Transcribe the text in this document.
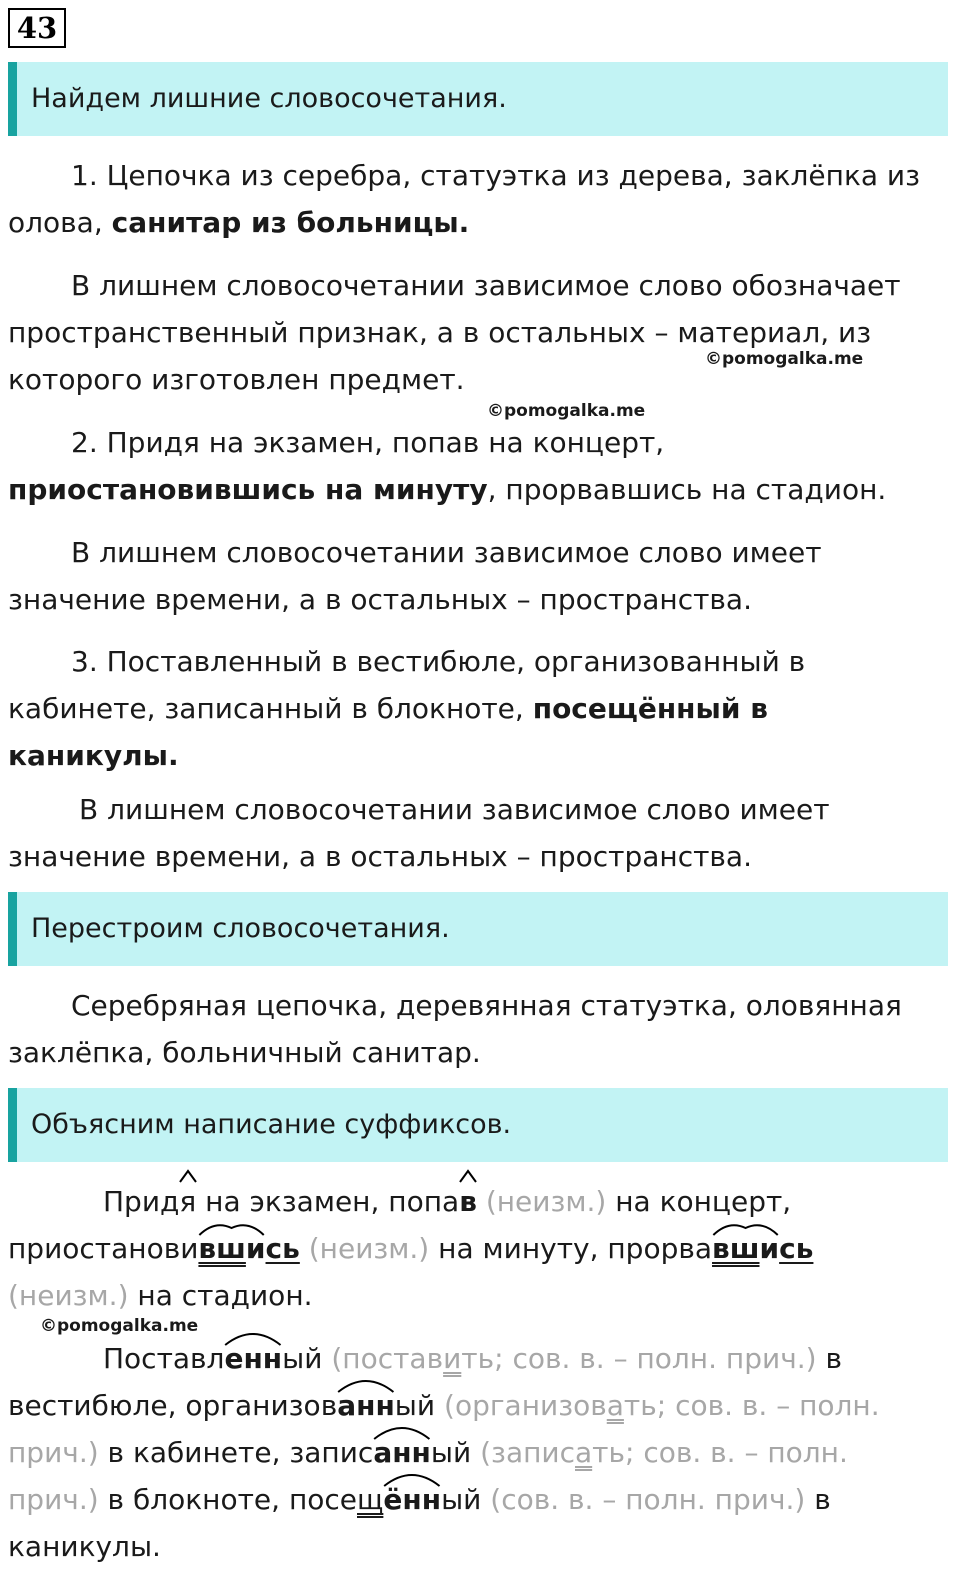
43
Найдем лишние словосочетания.

1. Цепочка из серебра, статуэтка из дерева, заклёпка из

олова, санитар из больницы.

В лишнем словосочетании зависимое слово обозначает

пространственный признак, а в остальных – материал, из

©pomogalka.me

которого изготовлен предмет.

©pomogalka.me

2. Придя на экзамен, попав на концерт,

приостановившись на минуту, прорвавшись на стадион.

В лишнем словосочетании зависимое слово имеет

значение времени, а в остальных – пространства.

3. Поставленный в вестибюле, организованный в

кабинете, записанный в блокноте, посещённый в

каникулы.

В лишнем словосочетании зависимое слово имеет

значение времени, а в остальных – пространства.

Перестроим словосочетания.

Серебряная цепочка, деревянная статуэтка, оловянная

заклёпка, больничный санитар.

Объясним написание суффиксов.

Прид
я на экзамен, попа
в (неизм.) на концерт,

приостанови
вшись (неизм.) на минуту, прорва
вшись

(неизм.) на стадион.

©pomogalka.me

Поставл
енный (поставить; сов. в. – полн. прич.) в

вестибюле, организов
анный (организовать; сов. в. – полн.

прич.) в кабинете, запис
анный (записать; сов. в. – полн.

прич.) в блокноте, посещ
ённый (сов. в. – полн. прич.) в

каникулы.
